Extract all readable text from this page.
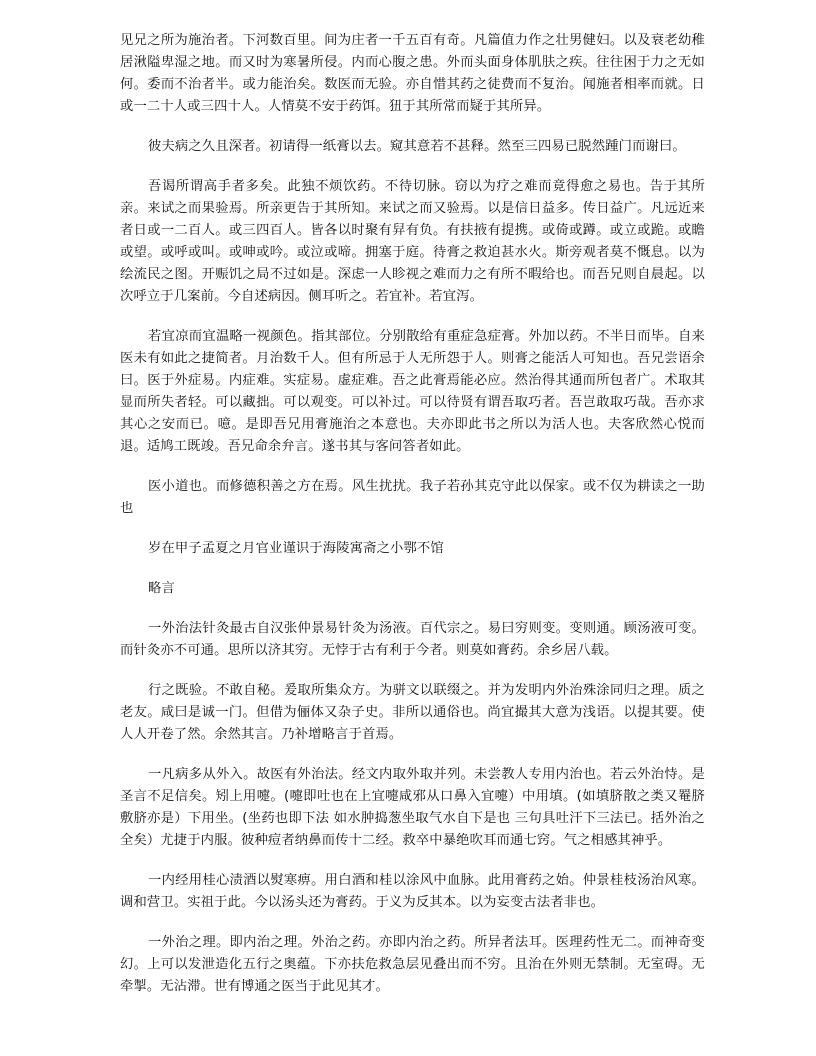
见兄之所为施治者。下河数百里。间为庄者一千五百有奇。凡篇值力作之壮男健妇。以及衰老幼稚居湫隘卑湿之地。而又时为寒暑所侵。内而心腹之患。外而头面身体肌肤之疾。往往困于力之无如何。委而不治者半。或力能治矣。数医而无验。亦自惜其药之徒费而不复治。闻施者相率而就。日或一二十人或三四十人。人情莫不安于药饵。狃于其所常而疑于其所异。

彼夫病之久且深者。初请得一纸膏以去。窥其意若不甚释。然至三四易已脱然踵门而谢曰。

吾谒所谓高手者多矣。此独不烦饮药。不待切脉。窃以为疗之难而竟得愈之易也。告于其所亲。来试之而果验焉。所亲更告于其所知。来试之而又验焉。以是信日益多。传日益广。凡远近来者日或一二百人。或三四百人。皆各以时聚有舁有负。有扶掖有提携。或倚或蹲。或立或跪。或瞻或望。或呼或叫。或呻或吟。或泣或啼。拥塞于庭。待膏之救迫甚水火。斯旁观者莫不慨息。以为绘流民之图。开赈饥之局不过如是。深虑一人眕视之难而力之有所不暇给也。而吾兄则自晨起。以次呼立于几案前。今自述病因。侧耳听之。若宜补。若宜泻。

若宜凉而宜温略一视颜色。指其部位。分别散给有重症急症膏。外加以药。不半日而毕。自来医未有如此之捷简者。月治数千人。但有所忌于人无所怨于人。则膏之能活人可知也。吾兄尝语余曰。医于外症易。内症难。实症易。虚症难。吾之此膏焉能必应。然治得其通而所包者广。术取其显而所失者轻。可以藏拙。可以观变。可以补过。可以待贤有谓吾取巧者。吾岂敢取巧哉。吾亦求其心之安而已。噫。是即吾兄用膏施治之本意也。夫亦即此书之所以为活人也。夫客欣然心悦而退。适鸠工既竣。吾兄命余弁言。遂书其与客问答者如此。

医小道也。而修德积善之方在焉。风生扰扰。我子若孙其克守此以保家。或不仅为耕读之一助也

岁在甲子孟夏之月官业谨识于海陵寓斋之小鄂不馆

略言

一外治法针灸最古自汉张仲景易针灸为汤液。百代宗之。易曰穷则变。变则通。顾汤液可变。而针灸亦不可通。思所以济其穷。无悖于古有利于今者。则莫如膏药。余乡居八载。

行之既验。不敢自秘。爰取所集众方。为骈文以联缀之。并为发明内外治殊涂同归之理。质之老友。咸曰是诚一门。但借为俪体又杂子史。非所以通俗也。尚宜撮其大意为浅语。以提其要。使人人开卷了然。余然其言。乃补增略言于首焉。

一凡病多从外入。故医有外治法。经文内取外取并列。未尝教人专用内治也。若云外治恃。是圣言不足信矣。矧上用嚏。(嚏即吐也在上宜嚏咸邪从口鼻入宜嚏）中用填。(如填脐散之类又罨脐敷脐亦是）下用坐。(坐药也即下法 如水肿捣葱坐取气水自下是也 三句具吐汗下三法已。括外治之全矣）尤捷于内服。彼种痘者纳鼻而传十二经。救卒中暴绝吹耳而通七窍。气之相感其神乎。

一内经用桂心渍酒以熨寒痹。用白酒和桂以涂风中血脉。此用膏药之始。仲景桂枝汤治风寒。调和营卫。实祖于此。今以汤头还为膏药。于义为反其本。以为妄变古法者非也。

一外治之理。即内治之理。外治之药。亦即内治之药。所异者法耳。医理药性无二。而神奇变幻。上可以发泄造化五行之奥蕴。下亦扶危救急层见叠出而不穷。且治在外则无禁制。无室碍。无牵掣。无沾滞。世有博通之医当于此见其才。
